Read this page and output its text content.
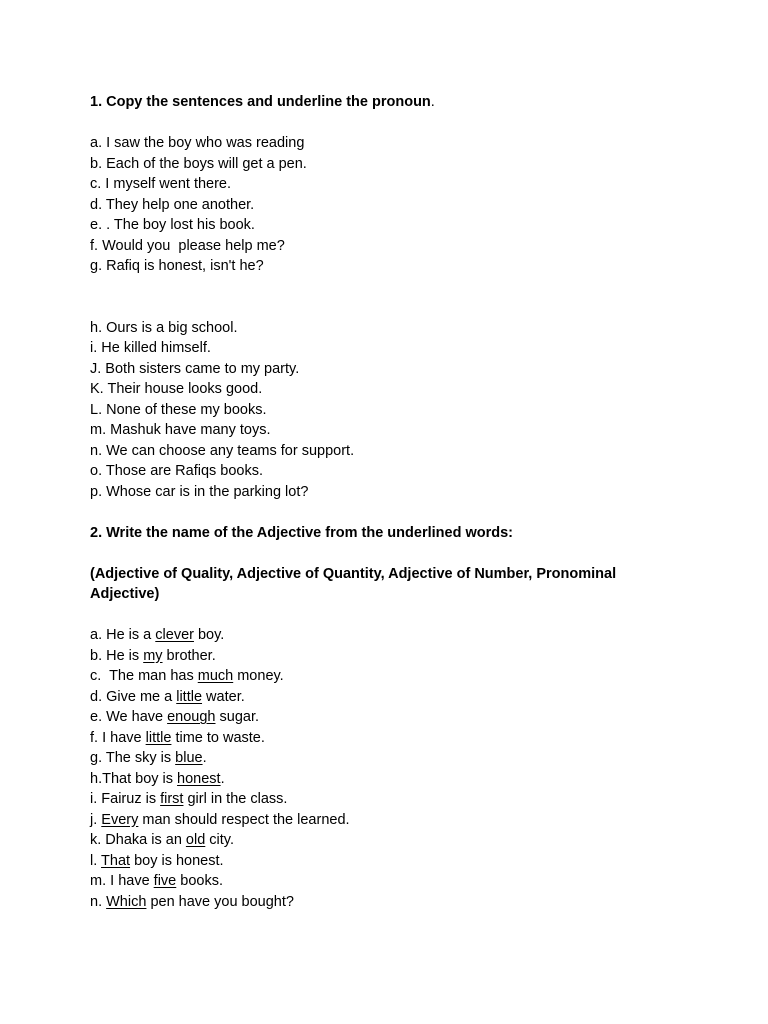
1. Copy the sentences and underline the pronoun.
a. I saw the boy who was reading
b. Each of the boys will get a pen.
c. I myself went there.
d. They help one another.
e. . The boy lost his book.
f. Would you  please help me?
g. Rafiq is honest, isn't he?
h. Ours is a big school.
i. He killed himself.
J. Both sisters came to my party.
K. Their house looks good.
L. None of these my books.
m. Mashuk have many toys.
n. We can choose any teams for support.
o. Those are Rafiqs books.
p. Whose car is in the parking lot?
2. Write the name of the Adjective from the underlined words:
(Adjective of Quality, Adjective of Quantity, Adjective of Number, Pronominal Adjective)
a. He is a clever boy.
b. He is my brother.
c.  The man has much money.
d. Give me a little water.
e. We have enough sugar.
f. I have little time to waste.
g. The sky is blue.
h.That boy is honest.
i. Fairuz is first girl in the class.
j. Every man should respect the learned.
k. Dhaka is an old city.
l. That boy is honest.
m. I have five books.
n. Which pen have you bought?
